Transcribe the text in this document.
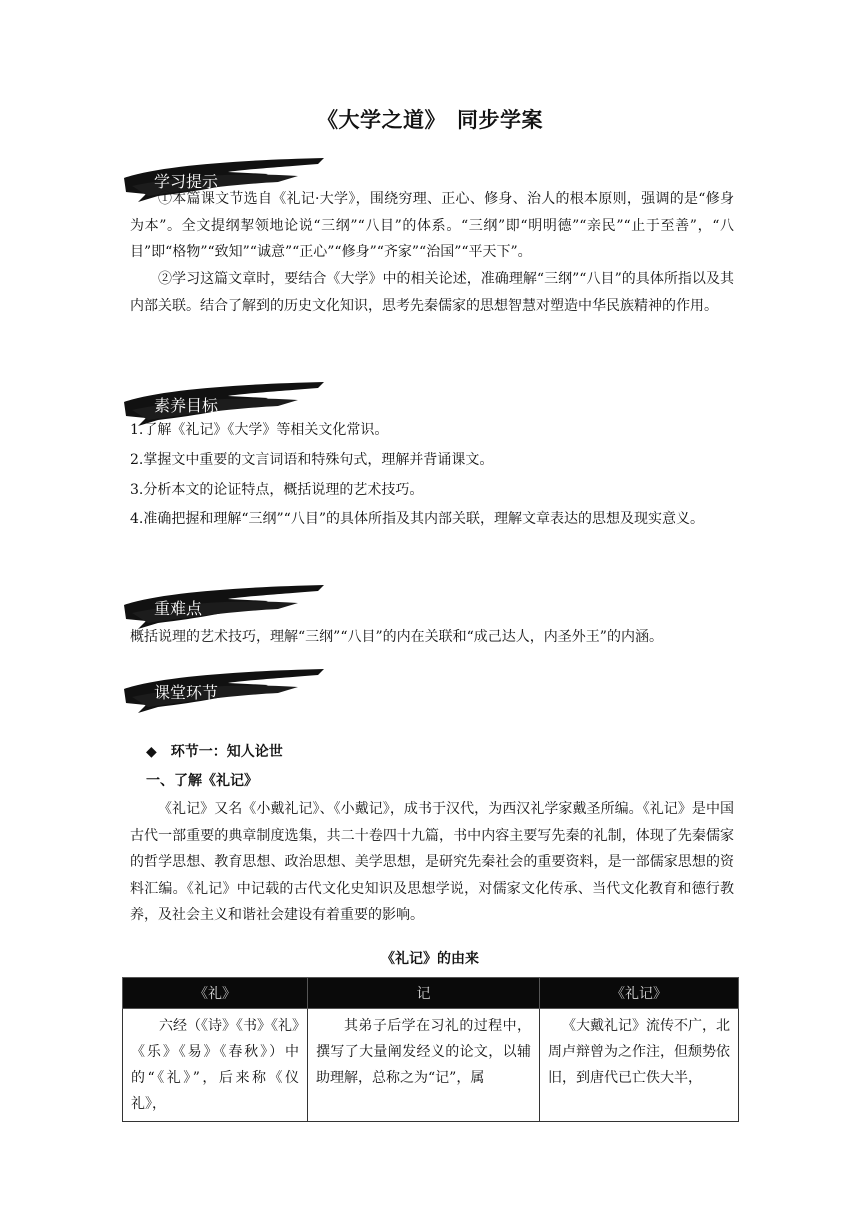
《大学之道》　同步学案
学习提示
①本篇课文节选自《礼记·大学》，围绕穷理、正心、修身、治人的根本原则，强调的是“修身为本”。全文提纲挈领地论说“三纲”“八目”的体系。“三纲”即“明明德”“亲民”“止于至善”，“八目”即“格物”“致知”“诚意”“正心”“修身”“齐家”“治国”“平天下”。
②学习这篇文章时，要结合《大学》中的相关论述，准确理解“三纲”“八目”的具体所指以及其内部关联。结合了解到的历史文化知识，思考先秦儒家的思想智慧对塑造中华民族精神的作用。
素养目标
1.了解《礼记》《大学》等相关文化常识。
2.掌握文中重要的文言词语和特殊句式，理解并背诵课文。
3.分析本文的论证特点，概括说理的艺术技巧。
4.准确把握和理解“三纲”“八目”的具体所指及其内部关联，理解文章表达的思想及现实意义。
重难点
概括说理的艺术技巧，理解“三纲”“八目”的内在关联和“成己达人，内圣外王”的内涵。
课堂环节
◆　环节一：知人论世
一、了解《礼记》
《礼记》又名《小戴礼记》、《小戴记》，成书于汉代，为西汉礼学家戴圣所编。《礼记》是中国古代一部重要的典章制度选集，共二十卷四十九篇，书中内容主要写先秦的礼制，体现了先秦儒家的哲学思想、教育思想、政治思想、美学思想，是研究先秦社会的重要资料，是一部儒家思想的资料汇编。《礼记》中记载的古代文化史知识及思想学说，对儒家文化传承、当代文化教育和德行教养，及社会主义和谐社会建设有着重要的影响。
《礼记》的由来
《礼》	记	《礼记》
六经（《诗》《书》《礼》《乐》《易》《春秋》）中的“《礼》”，后来称《仪礼》，	其弟子后学在习礼的过程中，撰写了大量阐发经义的论文，以辅助理解，总称之为“记”，属	《大戴礼记》流传不广，北周卢辩曾为之作注，但颓势依旧，到唐代已亡佚大半，
